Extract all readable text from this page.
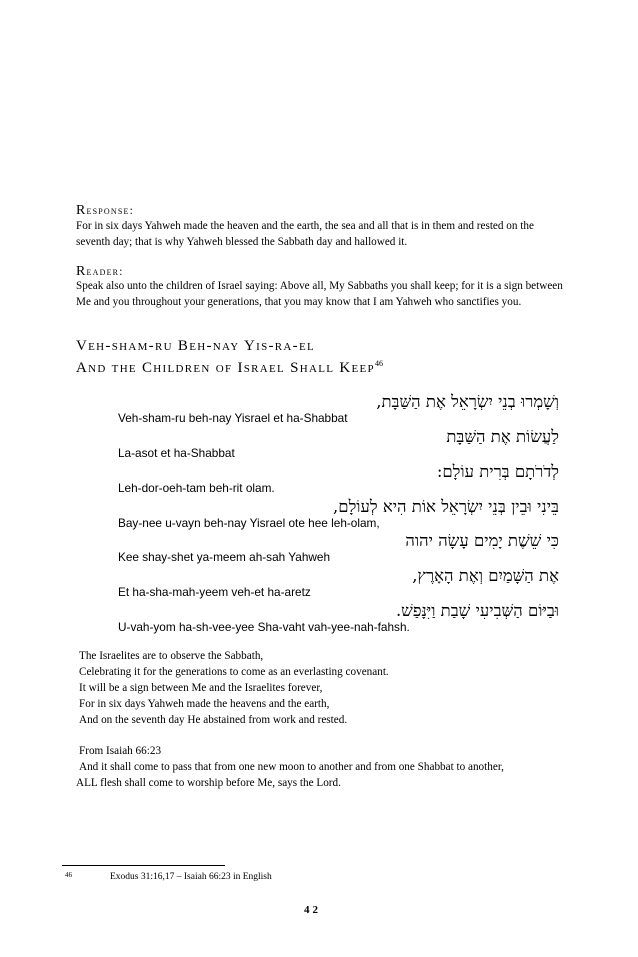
Response:
For in six days Yahweh made the heaven and the earth, the sea and all that is in them and rested on the seventh day; that is why Yahweh blessed the Sabbath day and hallowed it.
Reader:
Speak also unto the children of Israel saying: Above all, My Sabbaths you shall keep; for it is a sign between Me and you throughout your generations, that you may know that I am Yahweh who sanctifies you.
Veh-sham-ru Beh-nay Yis-ra-el
And the Children of Israel Shall Keep$^{46}$
וְשָׁמְרוּ בְנֵי יִשְׂרָאֵל אֶת הַשַּׁבָּת,
Veh-sham-ru beh-nay Yisrael et ha-Shabbat
לַעֲשׂוֹת אֶת הַשַּׁבָּת
La-asot et ha-Shabbat
לְדֹרֹתָם בְּרִית עוֹלָם:
Leh-dor-oeh-tam beh-rit olam.
בֵּינִי וּבֵין בְּנֵי יִשְׂרָאֵל אוֹת הִיא לְעוֹלָם,
Bay-nee u-vayn beh-nay Yisrael ote hee leh-olam,
כִּי שֵׁשֶׁת יָמִים עָשָׂה יהוה
Kee shay-shet ya-meem ah-sah Yahweh
אֶת הַשָּׁמַיִם וְאֶת הָאָרֶץ,
Et ha-sha-mah-yeem veh-et ha-aretz
וּבַיּוֹם הַשְּׁבִיעִי שָׁבַת וַיִּנָּפַשׁ.
U-vah-yom ha-sh-vee-yee Sha-vaht vah-yee-nah-fahsh.
The Israelites are to observe the Sabbath,
Celebrating it for the generations to come as an everlasting covenant.
It will be a sign between Me and the Israelites forever,
For in six days Yahweh made the heavens and the earth,
And on the seventh day He abstained from work and rested.
From Isaiah 66:23
And it shall come to pass that from one new moon to another and from one Shabbat to another,
ALL flesh shall come to worship before Me, says the Lord.
46	Exodus 31:16,17 – Isaiah 66:23 in English
42
